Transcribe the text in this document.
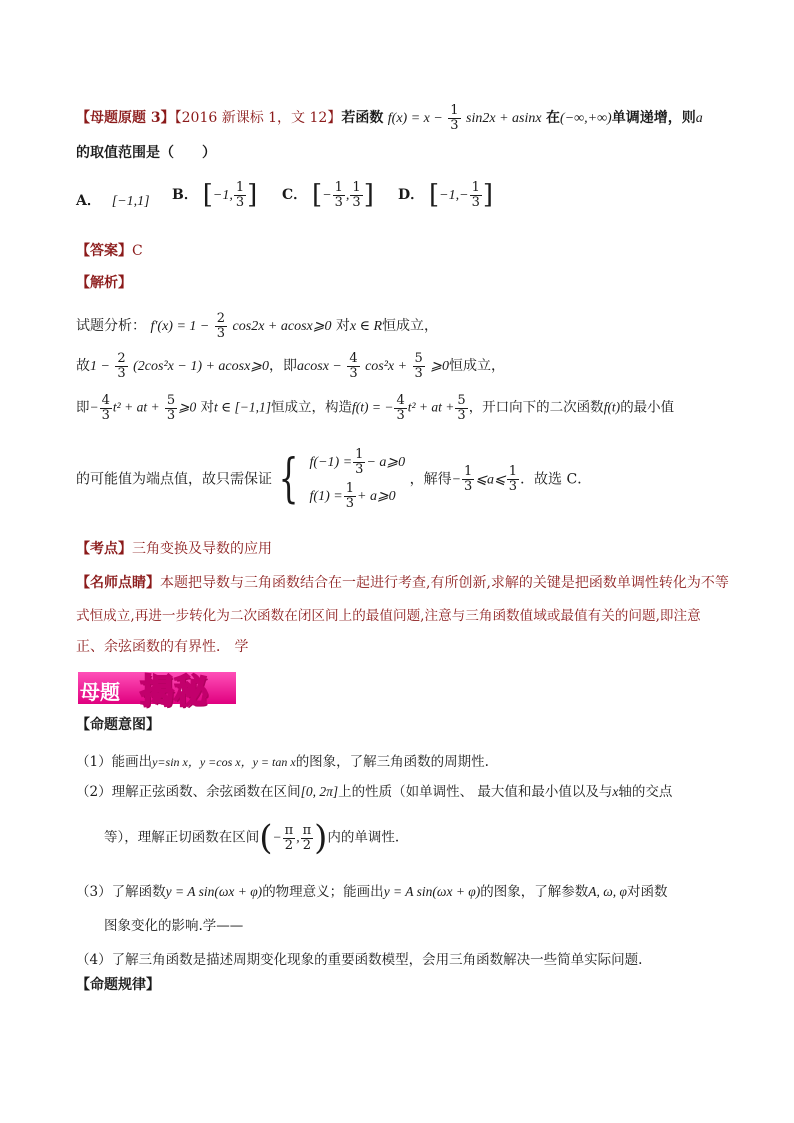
【母题原题 3】【2016 新课标 1，文 12】若函数 $f(x) = x - \frac{1}{3} \sin 2x + asinx$ 在(−∞,+∞)单调递增，则a
的取值范围是（　　）
A． [−1,1] B． [−1, $\frac{1}{3}$ ] C． [− $\frac{1}{3}$ , $\frac{1}{3}$ ] D． [$-1,- \frac{1}{3}$ ]
【答案】C
【解析】
试题分析： $f'(x) = 1 - \frac{2}{3} \cos 2x$ + acosx⩾0 对x ∈ R恒成立，
故$1 - \frac{2}{3} (2\cos^2x - 1)$ + acosx⩾0，即$acosx - \frac{4}{3} \cos^2x + \frac{5}{3}$ ⩾0恒成立，
即− $\frac{4}{3} t^2$ + at + $\frac{5}{3}$ ⩾0 对t ∈ [−1,1]恒成立，构造f(t) = − $\frac{4}{3} t^2$ + at + $\frac{5}{3}$ ，开口向下的二次函数f(t)的最小值
的可能值为端点值，故只需保证 { $f(-1) = \frac{1}{3}$ − a⩾0
$f(1) = \frac{1}{3}$ + a⩾0
，解得− $\frac{1}{3}$ ⩽a⩽ $\frac{1}{3}$ ．故选 C．
【考点】三角变换及导数的应用
【名师点睛】本题把导数与三角函数结合在一起进行考查,有所创新,求解的关键是把函数单调性转化为不等
式恒成立,再进一步转化为二次函数在闭区间上的最值问题,注意与三角函数值域或最值有关的问题,即注意
正、余弦函数的有界性． 学
母题 揭秘
【命题意图】
（1）能画出y=sin x，y =cos x，y = tan x的图象，了解三角函数的周期性.
（2）理解正弦函数、余弦函数在区间[0, 2π]上的性质（如单调性、 最大值和最小值以及与x轴的交点
等），理解正切函数在区间(− $\frac{\pi}{2}$ , $\frac{\pi}{2}$ )内的单调性.
（3）了解函数y = A sin(ωx + φ)的物理意义；能画出y = A sin(ωx + φ)的图象，了解参数A, ω, φ对函数
图象变化的影响.学——
（4）了解三角函数是描述周期变化现象的重要函数模型，会用三角函数解决一些简单实际问题.
【命题规律】
